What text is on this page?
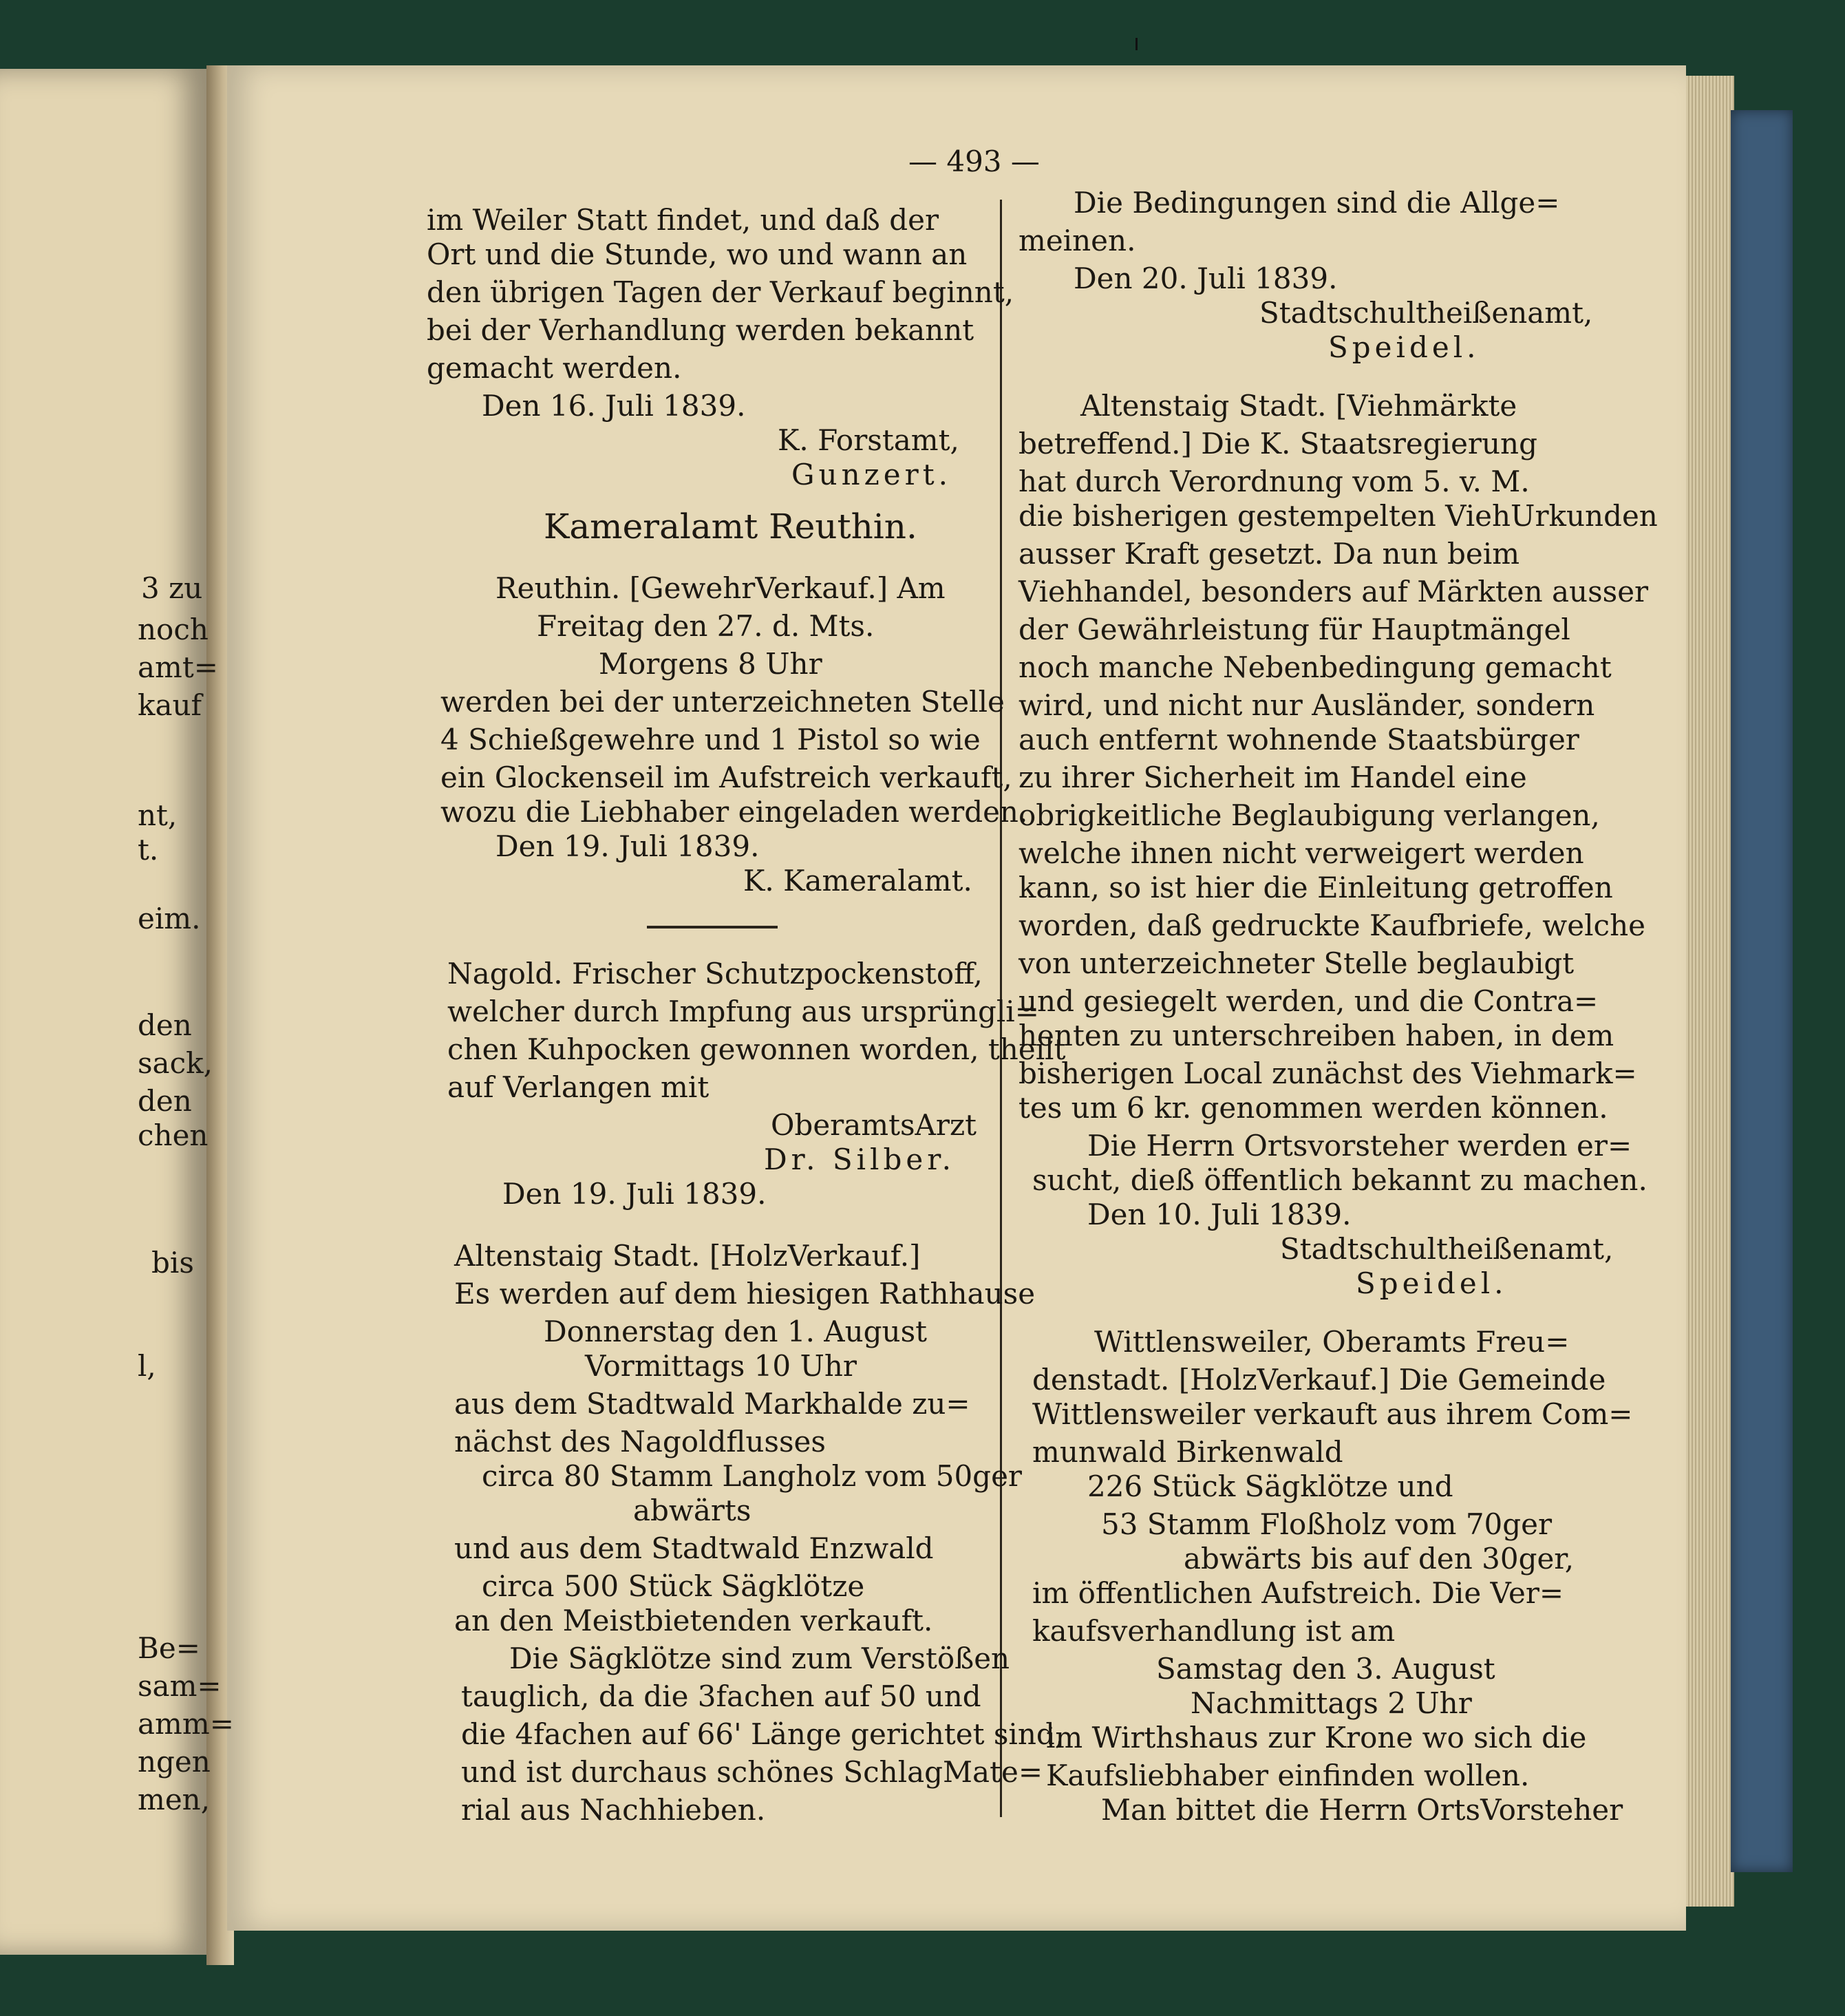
3 zu
noch
amt=
kauf
nt,
t.
eim.
den
sack,
den
chen
bis
l,
Be=
sam=
amm=
ngen
men,
— 493 —
im Weiler Statt findet, und daß der
Ort und die Stunde, wo und wann an
den übrigen Tagen der Verkauf beginnt,
bei der Verhandlung werden bekannt
gemacht werden.
Den 16. Juli 1839.
K. Forstamt,
Gunzert.
Kameralamt Reuthin.
Reuthin. [GewehrVerkauf.] Am
Freitag den 27. d. Mts.
Morgens 8 Uhr
werden bei der unterzeichneten Stelle
4 Schießgewehre und 1 Pistol so wie
ein Glockenseil im Aufstreich verkauft,
wozu die Liebhaber eingeladen werden.
Den 19. Juli 1839.
K. Kameralamt.
Nagold. Frischer Schutzpockenstoff,
welcher durch Impfung aus ursprüngli=
chen Kuhpocken gewonnen worden, theilt
auf Verlangen mit
OberamtsArzt
Dr. Silber.
Den 19. Juli 1839.
Altenstaig Stadt. [HolzVerkauf.]
Es werden auf dem hiesigen Rathhause
Donnerstag den 1. August
Vormittags 10 Uhr
aus dem Stadtwald Markhalde zu=
nächst des Nagoldflusses
circa 80 Stamm Langholz vom 50ger
abwärts
und aus dem Stadtwald Enzwald
circa 500 Stück Sägklötze
an den Meistbietenden verkauft.
Die Sägklötze sind zum Verstößen
tauglich, da die 3fachen auf 50 und
die 4fachen auf 66' Länge gerichtet sind,
und ist durchaus schönes SchlagMate=
rial aus Nachhieben.
Die Bedingungen sind die Allge=
meinen.
Den 20. Juli 1839.
Stadtschultheißenamt,
Speidel.
Altenstaig Stadt. [Viehmärkte
betreffend.] Die K. Staatsregierung
hat durch Verordnung vom 5. v. M.
die bisherigen gestempelten ViehUrkunden
ausser Kraft gesetzt. Da nun beim
Viehhandel, besonders auf Märkten ausser
der Gewährleistung für Hauptmängel
noch manche Nebenbedingung gemacht
wird, und nicht nur Ausländer, sondern
auch entfernt wohnende Staatsbürger
zu ihrer Sicherheit im Handel eine
obrigkeitliche Beglaubigung verlangen,
welche ihnen nicht verweigert werden
kann, so ist hier die Einleitung getroffen
worden, daß gedruckte Kaufbriefe, welche
von unterzeichneter Stelle beglaubigt
und gesiegelt werden, und die Contra=
henten zu unterschreiben haben, in dem
bisherigen Local zunächst des Viehmark=
tes um 6 kr. genommen werden können.
Die Herrn Ortsvorsteher werden er=
sucht, dieß öffentlich bekannt zu machen.
Den 10. Juli 1839.
Stadtschultheißenamt,
Speidel.
Wittlensweiler, Oberamts Freu=
denstadt. [HolzVerkauf.] Die Gemeinde
Wittlensweiler verkauft aus ihrem Com=
munwald Birkenwald
226 Stück Sägklötze und
53 Stamm Floßholz vom 70ger
abwärts bis auf den 30ger,
im öffentlichen Aufstreich. Die Ver=
kaufsverhandlung ist am
Samstag den 3. August
Nachmittags 2 Uhr
im Wirthshaus zur Krone wo sich die
Kaufsliebhaber einfinden wollen.
Man bittet die Herrn OrtsVorsteher
